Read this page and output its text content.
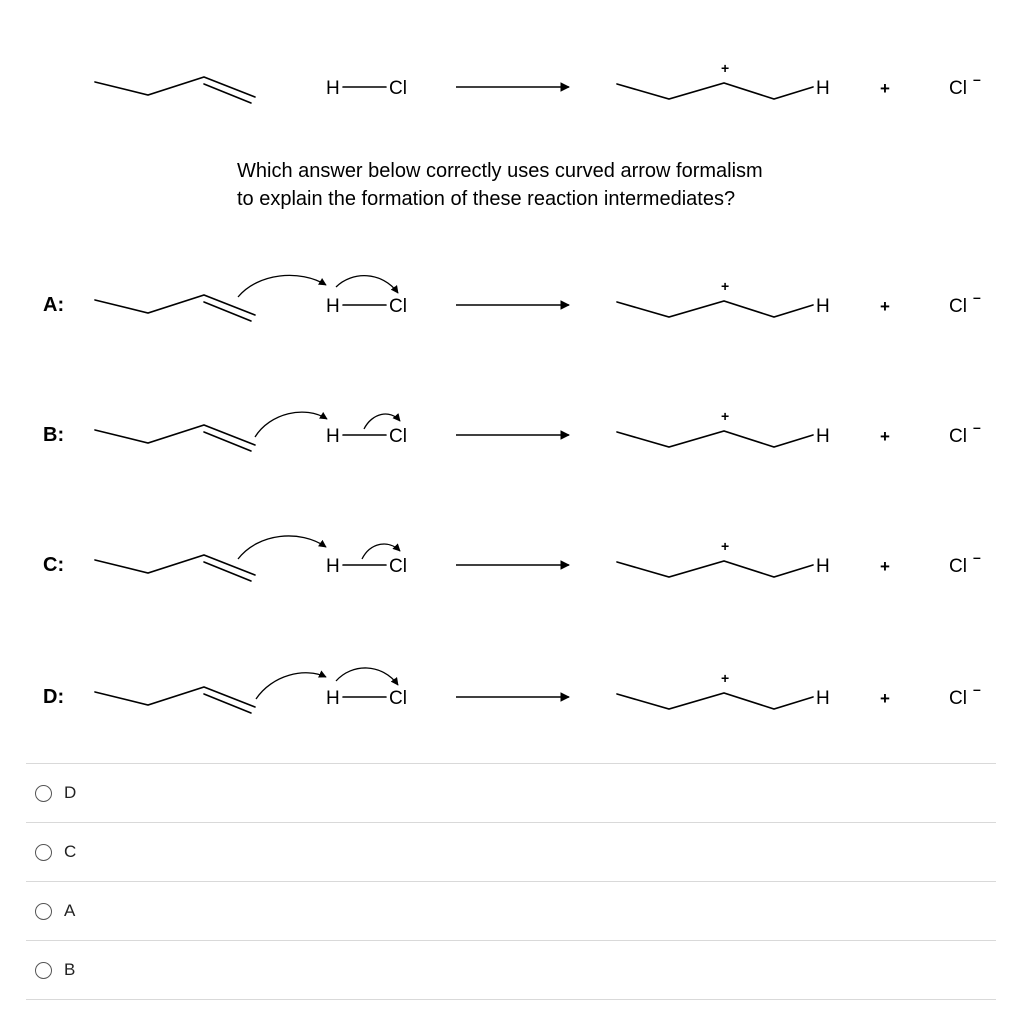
H	Cl
+
H	+	Cl –
A:	H	Cl
+
H	+	Cl –
B:	H	Cl
+
H	+	Cl –
C:	H	Cl
+
H	+	Cl –
D:	H	Cl
+
H	+	Cl –
Which answer below correctly uses curved arrow formalism
to explain the formation of these reaction intermediates?
D
C
A
B
